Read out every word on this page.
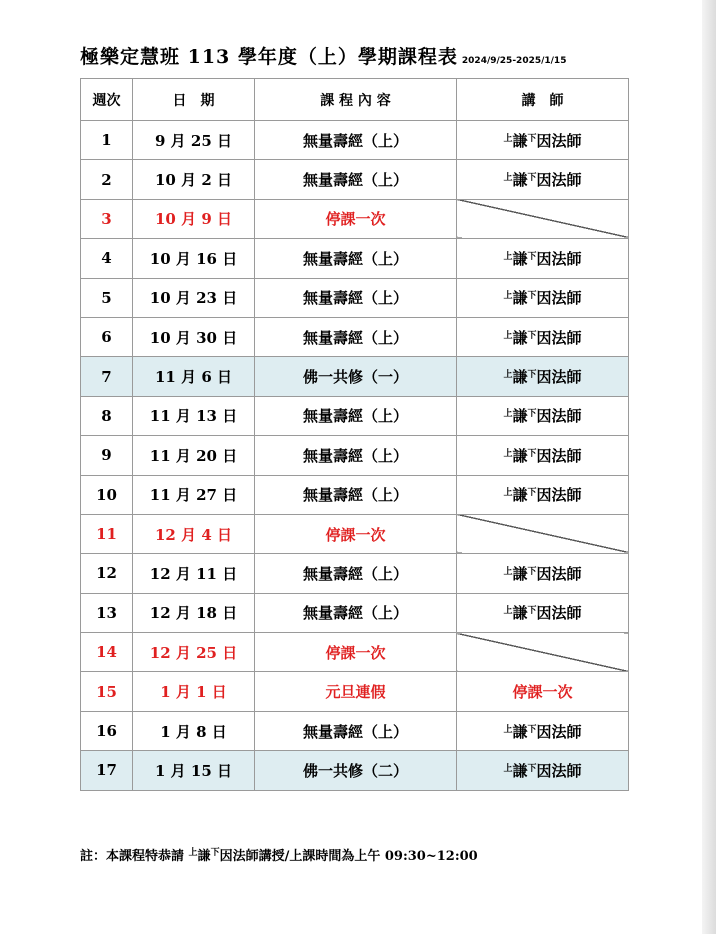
極樂定慧班 113 學年度（上）學期課程表 2024/9/25-2025/1/15
週次	日　期	課 程 內 容	講　師
1	9 月 25 日	無量壽經（上）	$^上$謙$^下$因法師
2	10 月 2 日	無量壽經（上）	$^上$謙$^下$因法師
3	10 月 9 日	停課一次	
4	10 月 16 日	無量壽經（上）	$^上$謙$^下$因法師
5	10 月 23 日	無量壽經（上）	$^上$謙$^下$因法師
6	10 月 30 日	無量壽經（上）	$^上$謙$^下$因法師
7	11 月 6 日	佛一共修（一）	$^上$謙$^下$因法師
8	11 月 13 日	無量壽經（上）	$^上$謙$^下$因法師
9	11 月 20 日	無量壽經（上）	$^上$謙$^下$因法師
10	11 月 27 日	無量壽經（上）	$^上$謙$^下$因法師
11	12 月 4 日	停課一次	
12	12 月 11 日	無量壽經（上）	$^上$謙$^下$因法師
13	12 月 18 日	無量壽經（上）	$^上$謙$^下$因法師
14	12 月 25 日	停課一次	
15	1 月 1 日	元旦連假	停課一次
16	1 月 8 日	無量壽經（上）	$^上$謙$^下$因法師
17	1 月 15 日	佛一共修（二）	$^上$謙$^下$因法師
註：本課程特恭請 $^上$謙$^下$因法師講授/上課時間為上午 09:30~12:00
